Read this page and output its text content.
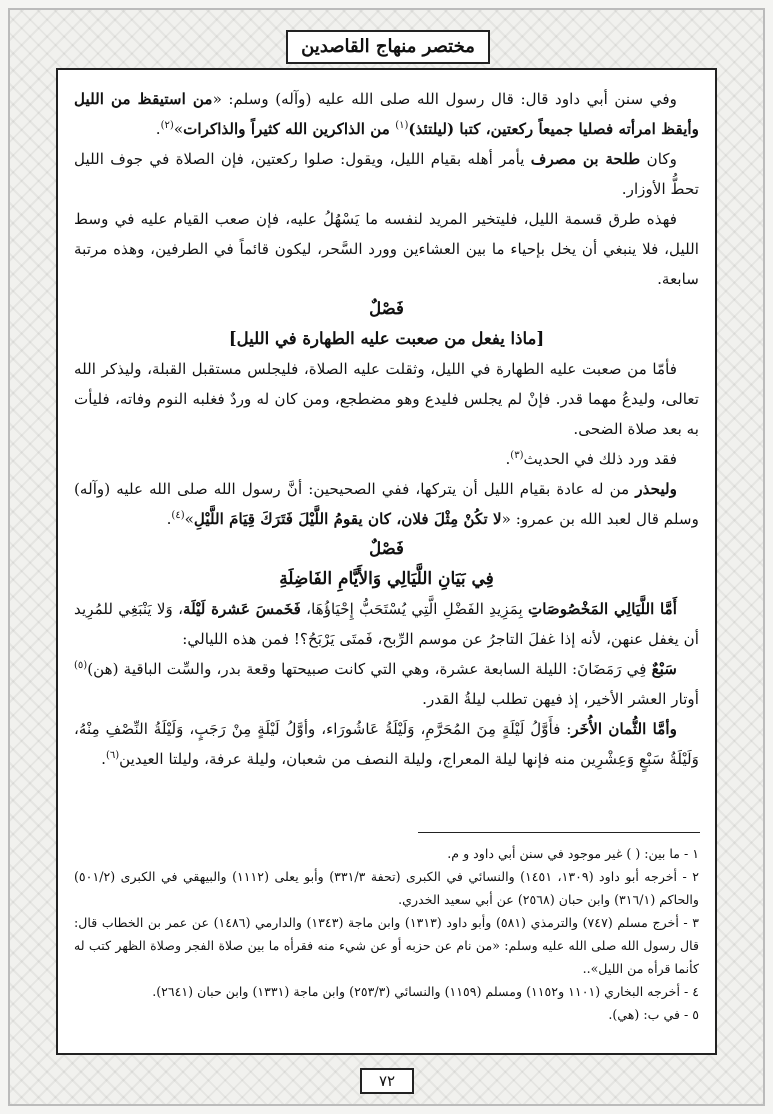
مختصر منهاج القاصدين

وفي سنن أبي داود قال: قال رسول الله صلى الله عليه (وآله) وسلم: «من استيقظ من الليل وأيقظ امرأته فصليا جميعاً ركعتين، كتبا (ليلتئذ)$^{(١)}$ من الذاكرين الله كثيراً والذاكرات»$^{(٢)}$.

وكان طلحة بن مصرف يأمر أهله بقيام الليل، ويقول: صلوا ركعتين، فإن الصلاة في جوف الليل تحطُّ الأوزار.

فهذه طرق قسمة الليل، فليتخير المريد لنفسه ما يَسْهُلُ عليه، فإن صعب القيام عليه في وسط الليل، فلا ينبغي أن يخل بإحياء ما بين العشاءين وورد السَّحر، ليكون قائماً في الطرفين، وهذه مرتبة سابعة.

فَصْلٌ

[ماذا يفعل من صعبت عليه الطهارة في الليل]

فأمّا من صعبت عليه الطهارة في الليل، وثقلت عليه الصلاة، فليجلس مستقبل القبلة، وليذكر الله تعالى، وليدعُ مهما قدر. فإنْ لم يجلس فليدع وهو مضطجع، ومن كان له وردٌ فغلبه النوم وفاته، فليأت به بعد صلاة الضحى.

فقد ورد ذلك في الحديث$^{(٣)}$.

وليحذر من له عادة بقيام الليل أن يتركها، ففي الصحيحين: أنَّ رسول الله صلى الله عليه (وآله) وسلم قال لعبد الله بن عمرو: «لا تكُنْ مِثْلَ فلان، كان يقومُ اللَّيْلَ فَتَرَكَ قِيَامَ اللَّيْلِ»$^{(٤)}$.

فَصْلٌ

فِي بَيَانِ اللَّيَالِي وَالأَيَّامِ الفَاضِلَةِ

أَمَّا اللَّيَالِي المَخْصُوصَاتِ بِمَزِيدِ الفَضْلِ الَّتِي يُسْتَحَبُّ إِحْيَاؤُهَا، فَخَمسَ عَشرة لَيْلَة، وَلا يَنْبَغِي للمُرِيد أن يغفل عنهن، لأنه إذا غفلَ التاجرُ عن موسم الرِّبح، فَمتَى يَرْبَحُ؟! فمن هذه الليالي:

سَبْعٌ فِي رَمَضَانَ: الليلة السابعة عشرة، وهي التي كانت صبيحتها وقعة بدر، والسِّت الباقية (هن)$^{(٥)}$ أوتار العشر الأخير، إذ فيهن تطلب ليلةُ القدر.

وأمَّا الثُّمان الأُخَر: فأَوَّلُ لَيْلَةٍ مِنَ المُحَرَّمِ، وَلَيْلَةُ عَاشُورَاء، وأوَّلُ لَيْلَةٍ مِنْ رَجَبٍ، وَلَيْلَةُ النِّصْفِ مِنْهُ، وَلَيْلَةُ سَبْعٍ وَعِشْرِين منه فإنها ليلة المعراج، وليلة النصف من شعبان، وليلة عرفة، وليلتا العيدين$^{(٦)}$.

١ - ما بين: ( ) غير موجود في سنن أبي داود و م.

٢ - أخرجه أبو داود (١٣٠٩، ١٤٥١) والنسائي في الكبرى (تحفة ٣٣١/٣) وأبو يعلى (١١١٢) والبيهقي في الكبرى (٥٠١/٢) والحاكم (٣١٦/١) وابن حبان (٢٥٦٨) عن أبي سعيد الخدري.

٣ - أخرج مسلم (٧٤٧) والترمذي (٥٨١) وأبو داود (١٣١٣) وابن ماجة (١٣٤٣) والدارمي (١٤٨٦) عن عمر بن الخطاب قال: قال رسول الله صلى الله عليه وسلم: «من نام عن حزبه أو عن شيء منه فقرأه ما بين صلاة الفجر وصلاة الظهر كتب له كأنما قرأه من الليل»..

٤ - أخرجه البخاري (١١٠١ و١١٥٢) ومسلم (١١٥٩) والنسائي (٢٥٣/٣) وابن ماجة (١٣٣١) وابن حبان (٢٦٤١).

٥ - في ب: (هي).

٧٢
